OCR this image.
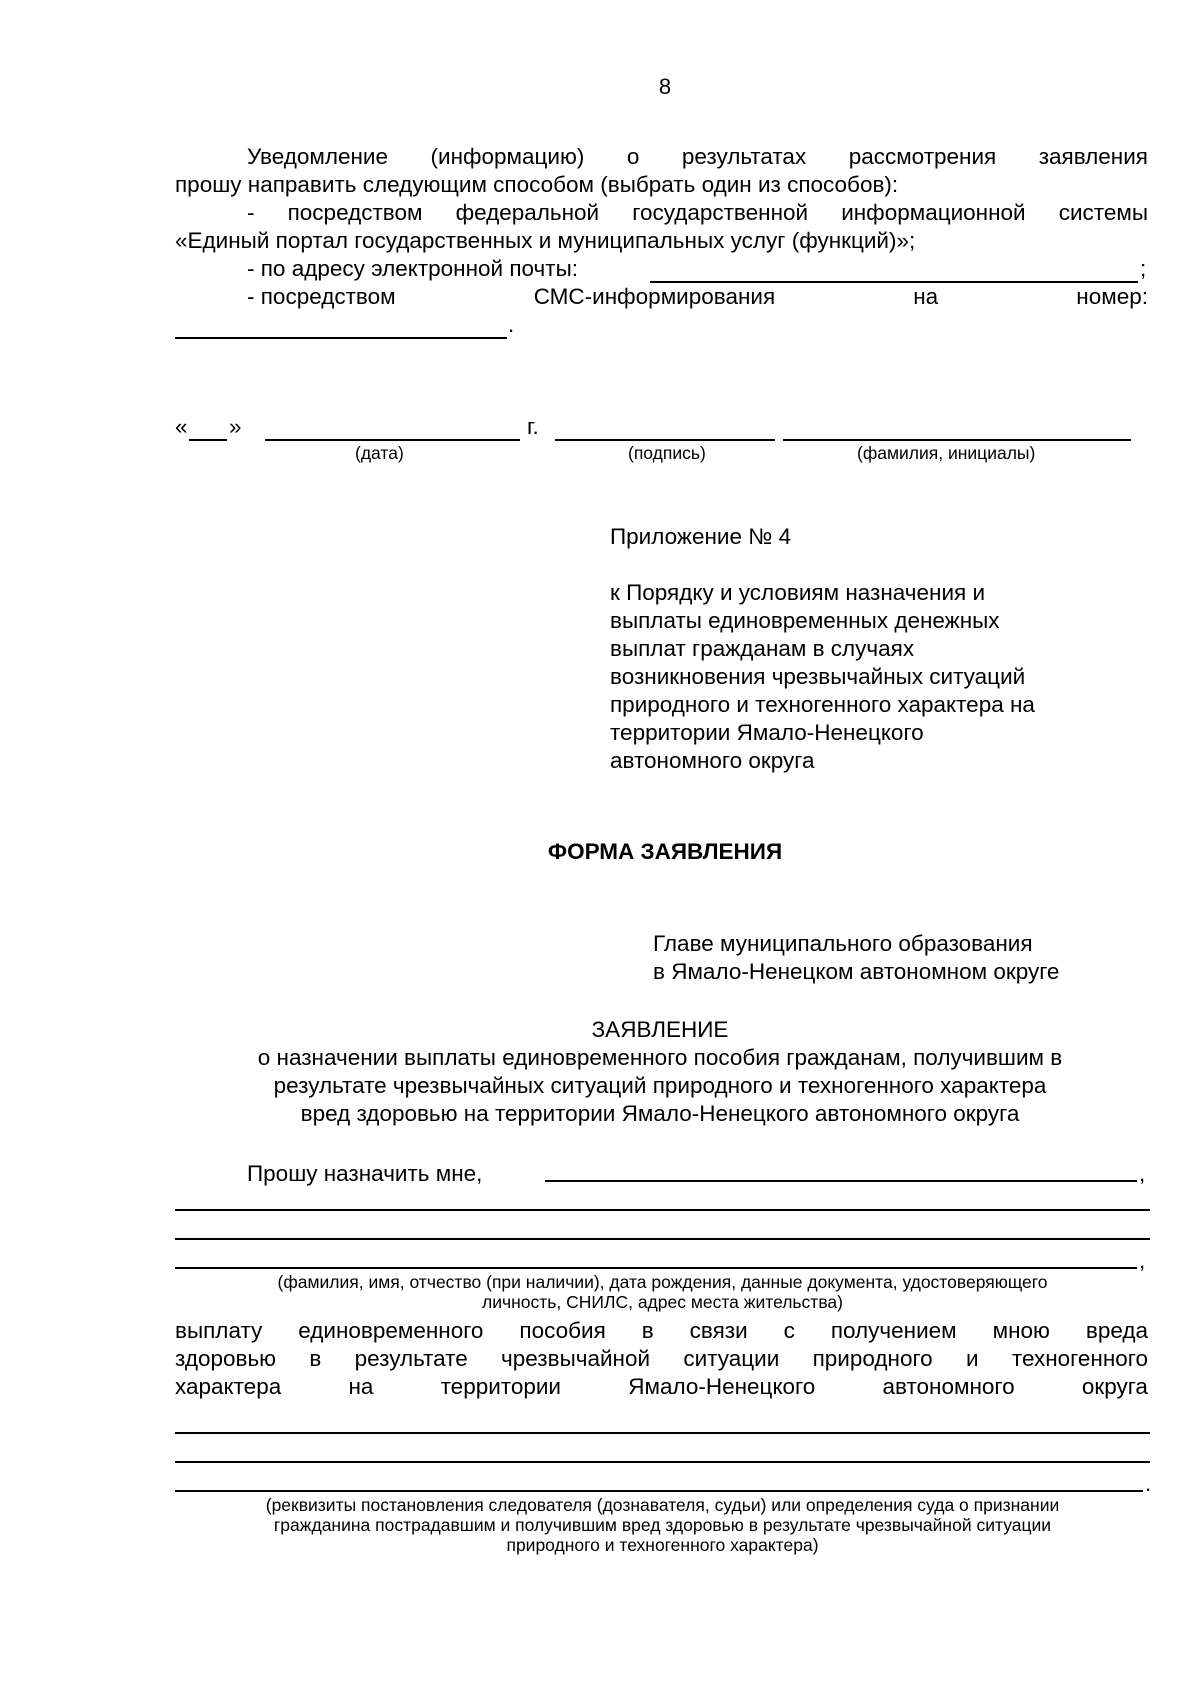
8
Уведомление (информацию) о результатах рассмотрения заявления
прошу направить следующим способом (выбрать один из способов):
- посредством федеральной государственной информационной системы
«Единый портал государственных и муниципальных услуг (функций)»;
- по адресу электронной почты:	;
- посредством	СМС-информирования	на	номер:
.
« »	г.
(дата)	(подпись)	(фамилия, инициалы)
Приложение № 4
к Порядку и условиям назначения и
выплаты единовременных денежных
выплат гражданам в случаях
возникновения чрезвычайных ситуаций
природного и техногенного характера на
территории Ямало-Ненецкого
автономного округа
ФОРМА ЗАЯВЛЕНИЯ
Главе муниципального образования
в Ямало-Ненецком автономном округе
ЗАЯВЛЕНИЕ
о назначении выплаты единовременного пособия гражданам, получившим в
результате чрезвычайных ситуаций природного и техногенного характера
вред здоровью на территории Ямало-Ненецкого автономного округа
Прошу назначить мне,	,
,
(фамилия, имя, отчество (при наличии), дата рождения, данные документа, удостоверяющего
личность, СНИЛС, адрес места жительства)
выплату единовременного пособия в связи с получением мною вреда
здоровью в результате чрезвычайной ситуации природного и техногенного
характера	на	территории	Ямало-Ненецкого	автономного	округа
.
(реквизиты постановления следователя (дознавателя, судьи) или определения суда о признании
гражданина пострадавшим и получившим вред здоровью в результате чрезвычайной ситуации
природного и техногенного характера)
